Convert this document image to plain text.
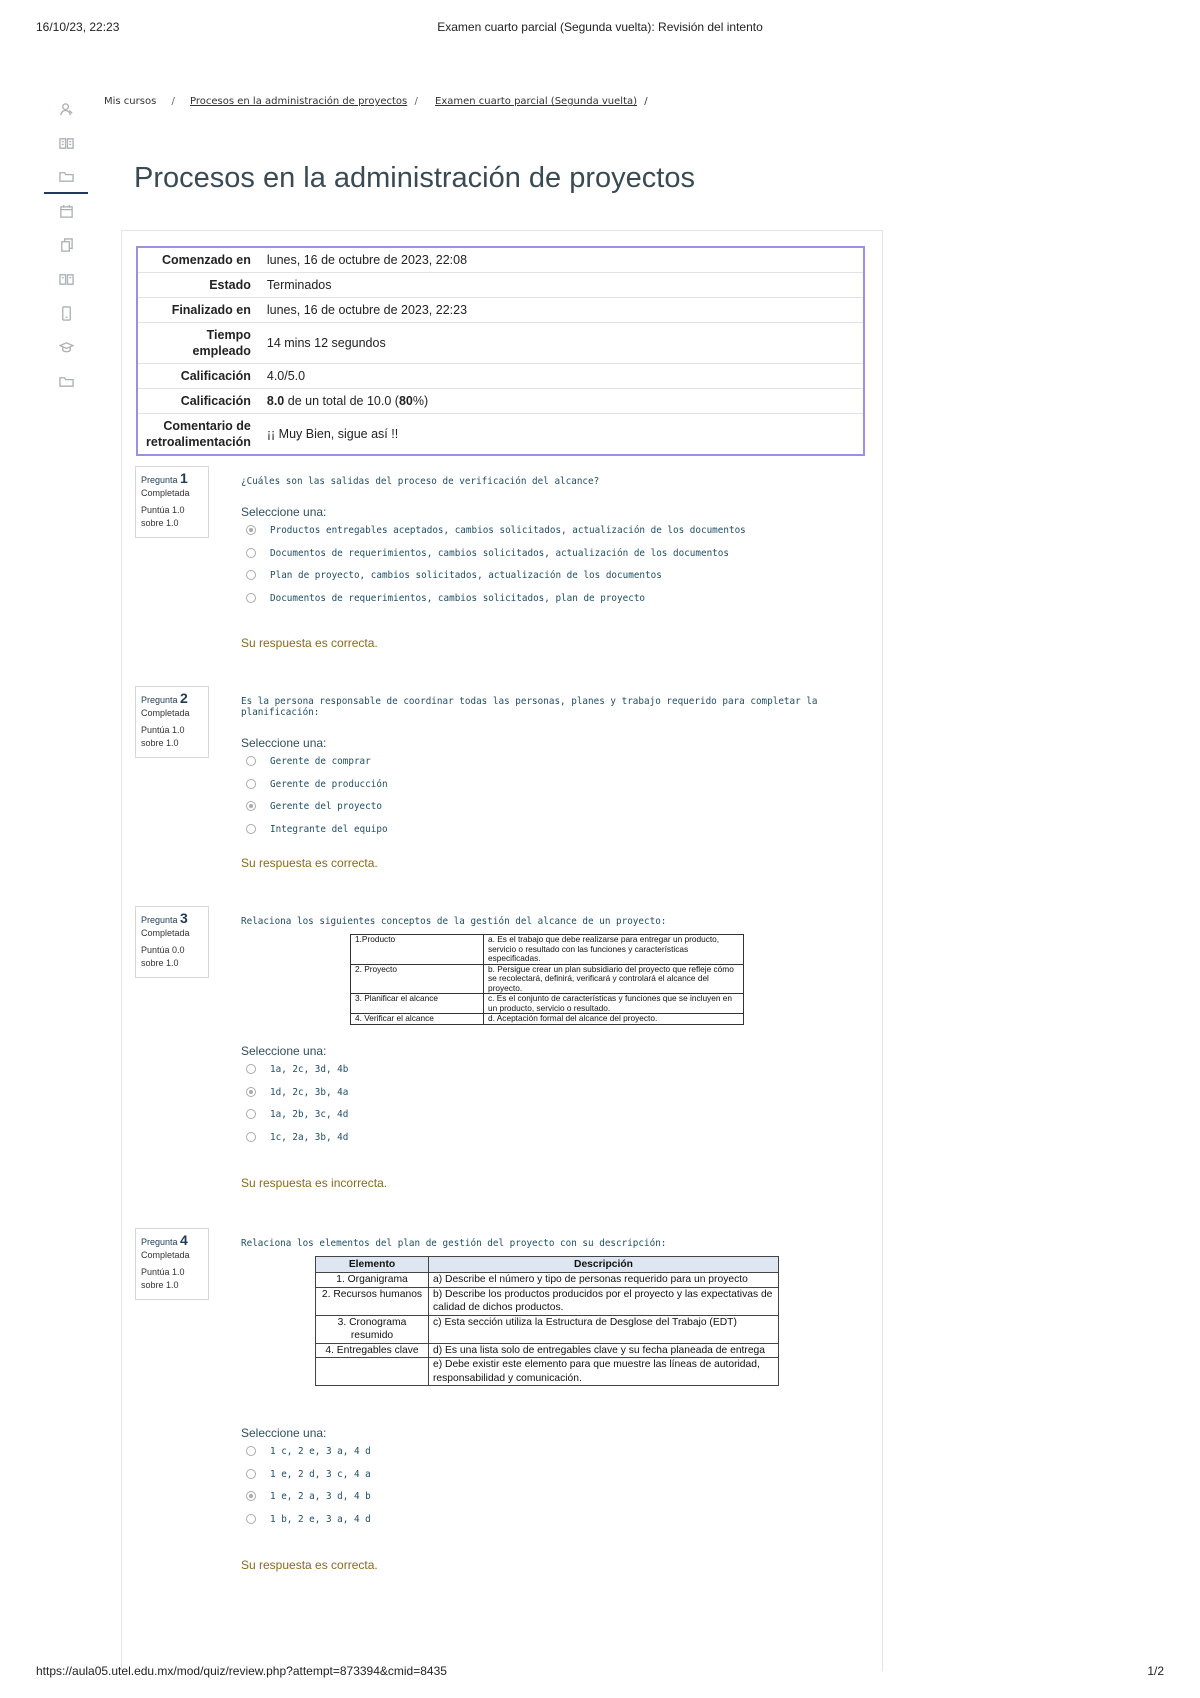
16/10/23, 22:23	Examen cuarto parcial (Segunda vuelta): Revisión del intento
https://aula05.utel.edu.mx/mod/quiz/review.php?attempt=873394&cmid=8435	1/2
Mis cursos / Procesos en la administración de proyectos / Examen cuarto parcial (Segunda vuelta) /
Procesos en la administración de proyectos
Comenzado en	lunes, 16 de octubre de 2023, 22:08
Estado	Terminados
Finalizado en	lunes, 16 de octubre de 2023, 22:23
Tiempo empleado	14 mins 12 segundos
Calificación	4.0/5.0
Calificación	8.0 de un total de 10.0 (80%)
Comentario de retroalimentación	¡¡ Muy Bien, sigue así !!
Pregunta 1
Completada
Puntúa 1.0 sobre 1.0

¿Cuáles son las salidas del proceso de verificación del alcance?

Seleccione una:
Productos entregables aceptados, cambios solicitados, actualización de los documentos
Documentos de requerimientos, cambios solicitados, actualización de los documentos
Plan de proyecto, cambios solicitados, actualización de los documentos
Documentos de requerimientos, cambios solicitados, plan de proyecto
Su respuesta es correcta.
Pregunta 2
Completada
Puntúa 1.0 sobre 1.0

Es la persona responsable de coordinar todas las personas, planes y trabajo requerido para completar la planificación:

Seleccione una:
Gerente de comprar
Gerente de producción
Gerente del proyecto
Integrante del equipo
Su respuesta es correcta.
Pregunta 3
Completada
Puntúa 0.0 sobre 1.0

Relaciona los siguientes conceptos de la gestión del alcance de un proyecto:

1.Producto	a. Es el trabajo que debe realizarse para entregar un producto, servicio o resultado con las funciones y características especificadas.
2. Proyecto	b. Persigue crear un plan subsidiario del proyecto que refleje cómo se recolectará, definirá, verificará y controlará el alcance del proyecto.
3. Planificar el alcance	c. Es el conjunto de características y funciones que se incluyen en un producto, servicio o resultado.
4. Verificar el alcance	d. Aceptación formal del alcance del proyecto.
Seleccione una:
1a, 2c, 3d, 4b
1d, 2c, 3b, 4a
1a, 2b, 3c, 4d
1c, 2a, 3b, 4d
Su respuesta es incorrecta.
Pregunta 4
Completada
Puntúa 1.0 sobre 1.0

Relaciona los elementos del plan de gestión del proyecto con su descripción:

Elemento	Descripción
1. Organigrama	a) Describe el número y tipo de personas requerido para un proyecto
2. Recursos humanos	b) Describe los productos producidos por el proyecto y las expectativas de calidad de dichos productos.
3. Cronograma resumido	c) Esta sección utiliza la Estructura de Desglose del Trabajo (EDT)
4. Entregables clave	d) Es una lista solo de entregables clave y su fecha planeada de entrega
	e) Debe existir este elemento para que muestre las líneas de autoridad, responsabilidad y comunicación.
Seleccione una:
1 c, 2 e, 3 a, 4 d
1 e, 2 d, 3 c, 4 a
1 e, 2 a, 3 d, 4 b
1 b, 2 e, 3 a, 4 d
Su respuesta es correcta.
